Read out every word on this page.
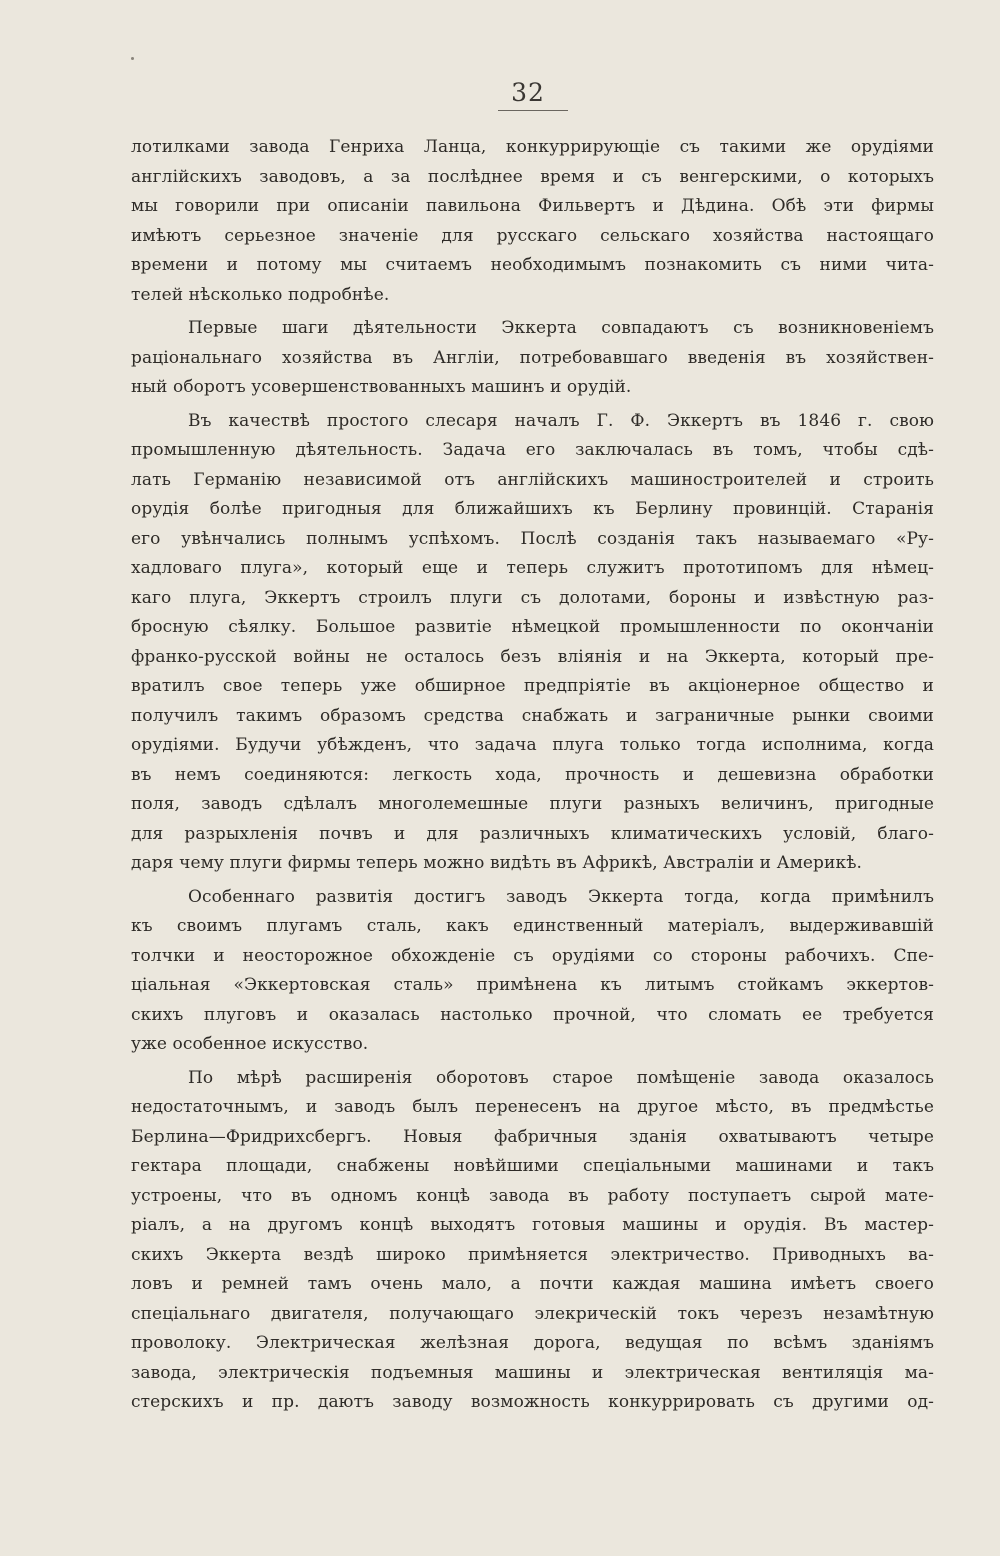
32
лотилками завода Генриха Ланца, конкуррирующіе съ такими же орудіями
англійскихъ заводовъ, а за послѣднее время и съ венгерскими, о которыхъ
мы говорили при описаніи павильона Фильвертъ и Дѣдина. Обѣ эти фирмы
имѣютъ серьезное значеніе для русскаго сельскаго хозяйства настоящаго
времени и потому мы считаемъ необходимымъ познакомить съ ними чита-
телей нѣсколько подробнѣе.
Первые шаги дѣятельности Эккерта совпадаютъ съ возникновеніемъ
раціональнаго хозяйства въ Англіи, потребовавшаго введенія въ хозяйствен-
ный оборотъ усовершенствованныхъ машинъ и орудій.
Въ качествѣ простого слесаря началъ Г. Ф. Эккертъ въ 1846 г. свою
промышленную дѣятельность. Задача его заключалась въ томъ, чтобы сдѣ-
лать Германію независимой отъ англійскихъ машиностроителей и строить
орудія болѣе пригодныя для ближайшихъ къ Берлину провинцій. Старанія
его увѣнчались полнымъ успѣхомъ. Послѣ созданія такъ называемаго «Ру-
хадловаго плуга», который еще и теперь служитъ прототипомъ для нѣмец-
каго плуга, Эккертъ строилъ плуги съ долотами, бороны и извѣстную раз-
бросную сѣялку. Большое развитіе нѣмецкой промышленности по окончаніи
франко-русской войны не осталось безъ вліянія и на Эккерта, который пре-
вратилъ свое теперь уже обширное предпріятіе въ акціонерное общество и
получилъ такимъ образомъ средства снабжать и заграничные рынки своими
орудіями. Будучи убѣжденъ, что задача плуга только тогда исполнима, когда
въ немъ соединяются: легкость хода, прочность и дешевизна обработки
поля, заводъ сдѣлалъ многолемешные плуги разныхъ величинъ, пригодные
для разрыхленія почвъ и для различныхъ климатическихъ условій, благо-
даря чему плуги фирмы теперь можно видѣть въ Африкѣ, Австраліи и Америкѣ.
Особеннаго развитія достигъ заводъ Эккерта тогда, когда примѣнилъ
къ своимъ плугамъ сталь, какъ единственный матеріалъ, выдерживавшій
толчки и неосторожное обхожденіе съ орудіями со стороны рабочихъ. Спе-
ціальная «Эккертовская сталь» примѣнена къ литымъ стойкамъ эккертов-
скихъ плуговъ и оказалась настолько прочной, что сломать ее требуется
уже особенное искусство.
По мѣрѣ расширенія оборотовъ старое помѣщеніе завода оказалось
недостаточнымъ, и заводъ былъ перенесенъ на другое мѣсто, въ предмѣстье
Берлина—Фридрихсбергъ. Новыя фабричныя зданія охватываютъ четыре
гектара площади, снабжены новѣйшими спеціальными машинами и такъ
устроены, что въ одномъ концѣ завода въ работу поступаетъ сырой мате-
ріалъ, а на другомъ концѣ выходятъ готовыя машины и орудія. Въ мастер-
скихъ Эккерта вездѣ широко примѣняется электричество. Приводныхъ ва-
ловъ и ремней тамъ очень мало, а почти каждая машина имѣетъ своего
спеціальнаго двигателя, получающаго элекрическій токъ черезъ незамѣтную
проволоку. Электрическая желѣзная дорога, ведущая по всѣмъ зданіямъ
завода, электрическія подъемныя машины и электрическая вентиляція ма-
стерскихъ и пр. даютъ заводу возможность конкуррировать съ другими од-
